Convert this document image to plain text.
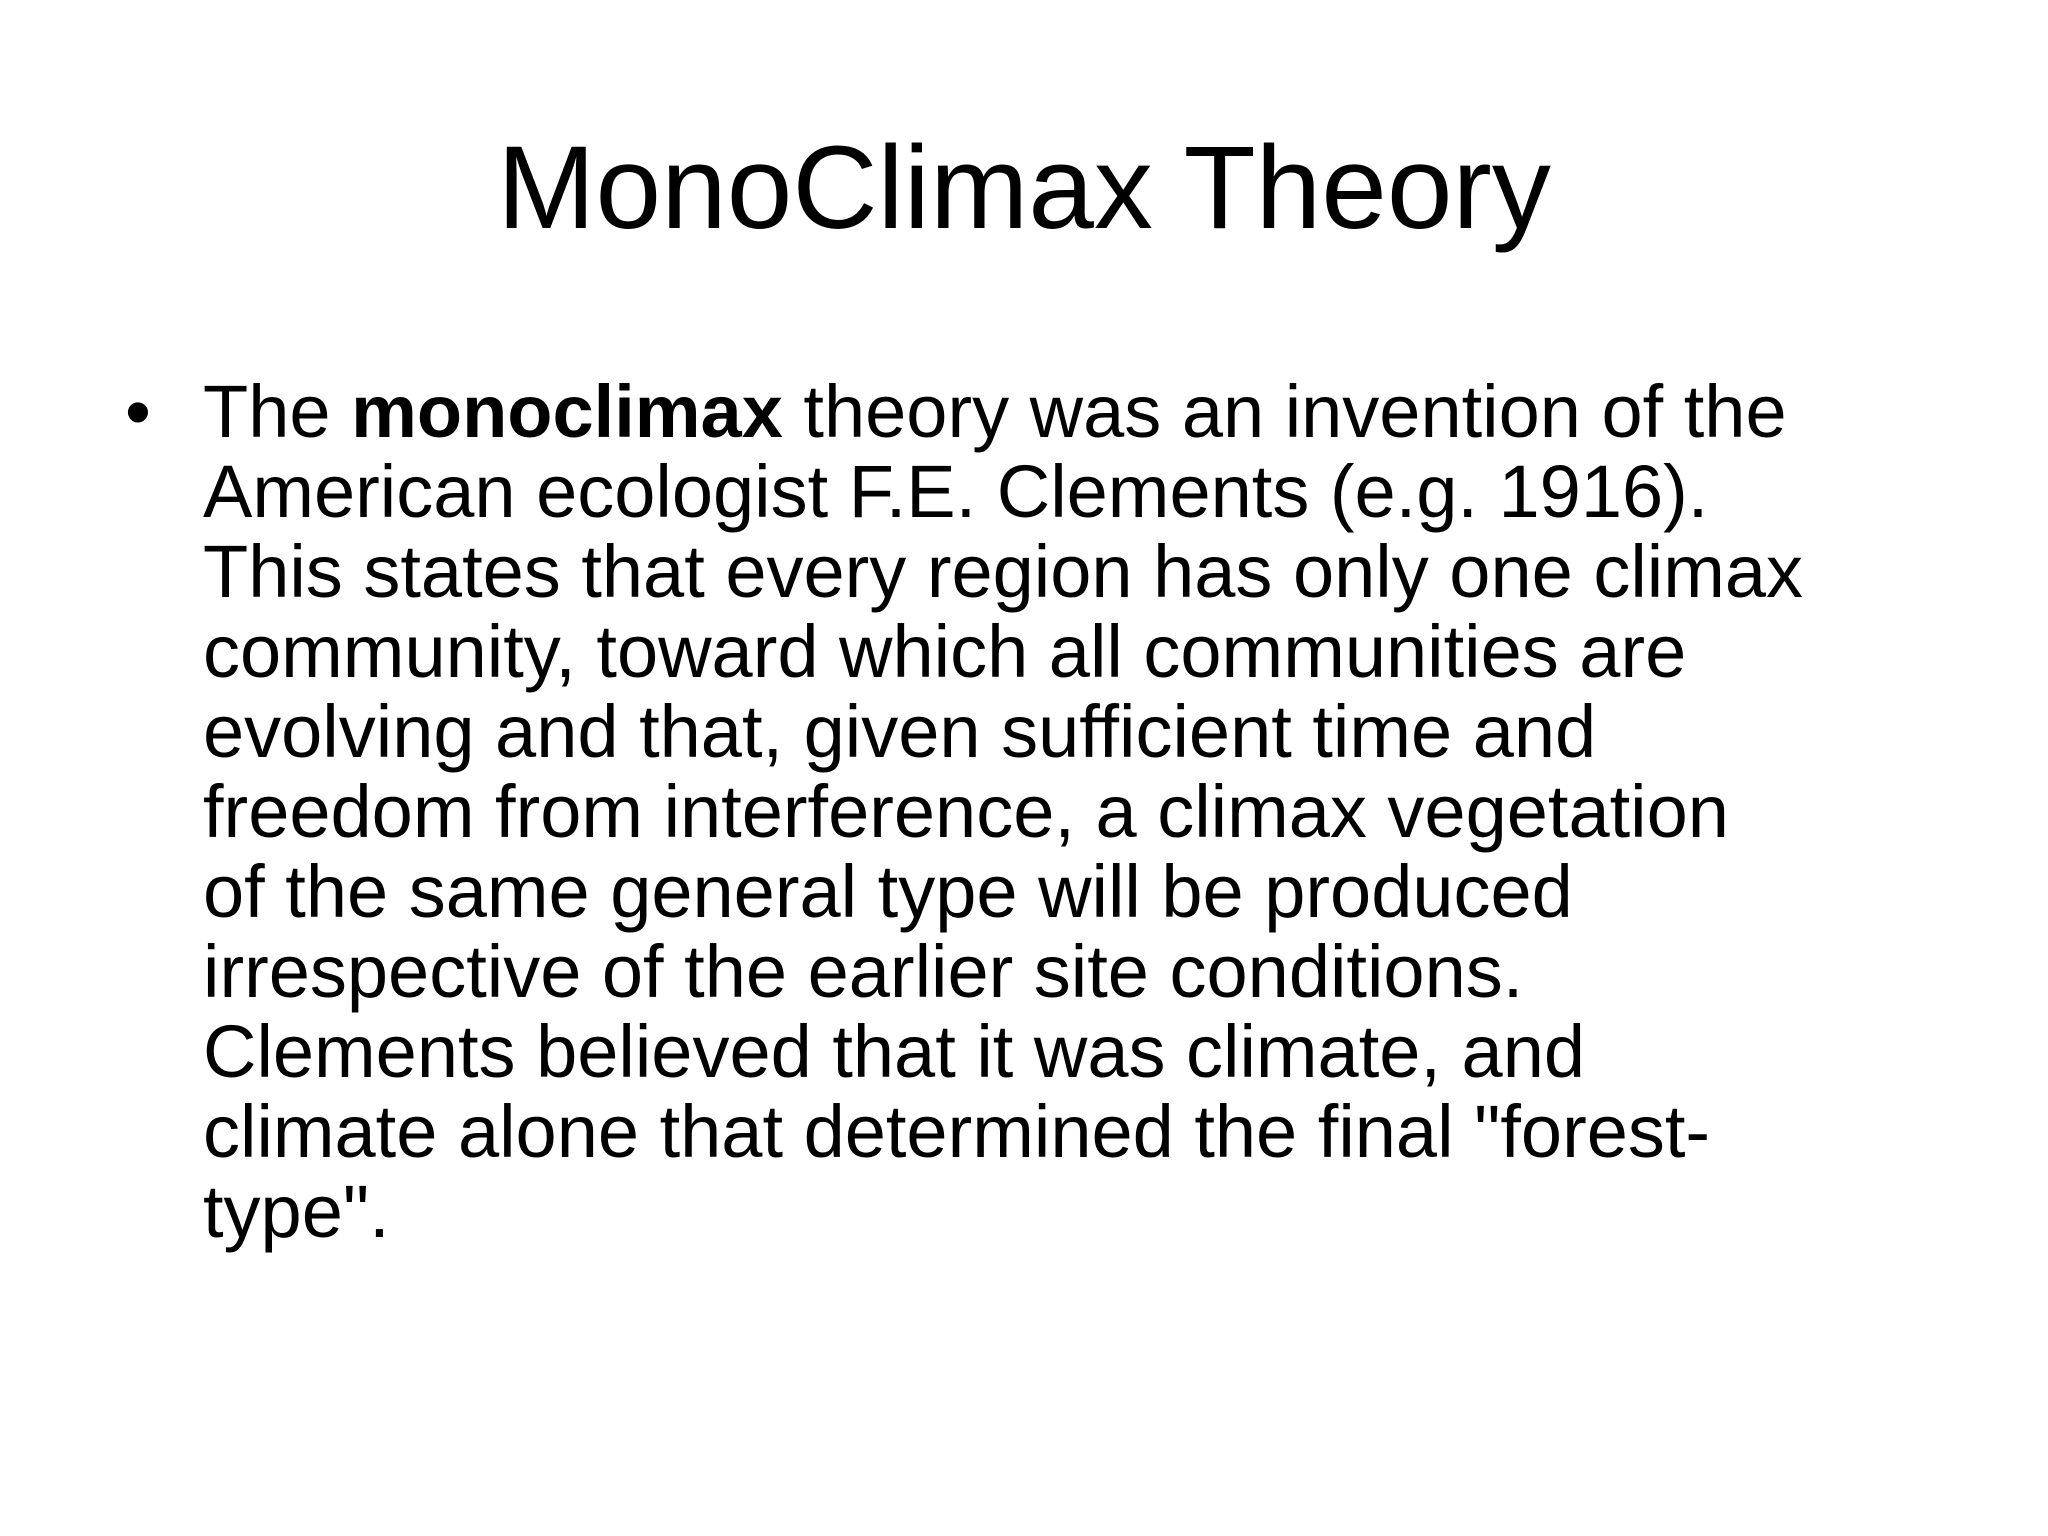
MonoClimax Theory
• The monoclimax theory was an invention of the
American ecologist F.E. Clements (e.g. 1916).
This states that every region has only one climax
community, toward which all communities are
evolving and that, given sufficient time and
freedom from interference, a climax vegetation
of the same general type will be produced
irrespective of the earlier site conditions.
Clements believed that it was climate, and
climate alone that determined the final "forest-
type".
